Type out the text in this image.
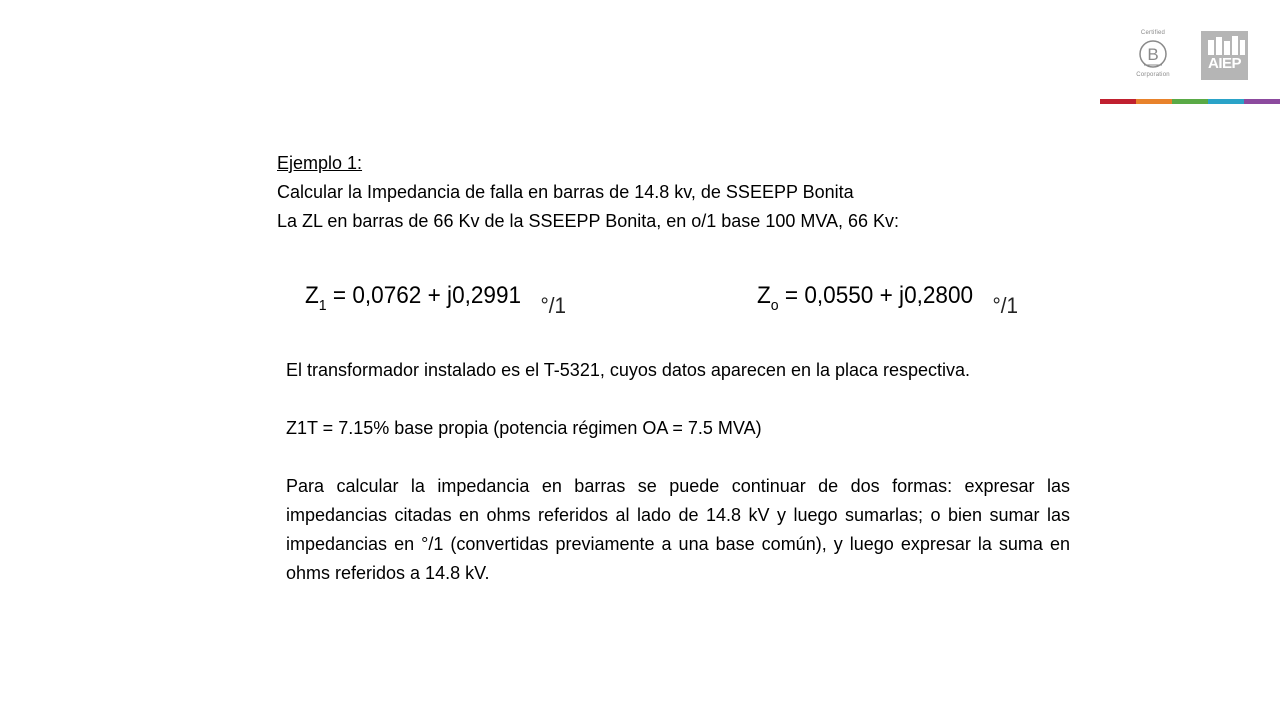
Certified
B
Corporation
AIEP

Ejemplo 1:

Calcular la Impedancia de falla en barras de 14.8 kv, de SSEEPP Bonita

La ZL en barras de 66 Kv de la SSEEPP Bonita, en o/1 base 100 MVA, 66 Kv:

$Z_1 = 0,0762 + j0,2991$ °/1	$Z_o = 0,0550 + j0,2800$ °/1

El transformador instalado es el T-5321, cuyos datos aparecen en la placa respectiva.

Z1T = 7.15% base propia (potencia régimen OA = 7.5 MVA)

Para calcular la impedancia en barras se puede continuar de dos formas: expresar las impedancias citadas en ohms referidos al lado de 14.8 kV y luego sumarlas; o bien sumar las impedancias en °/1 (convertidas previamente a una base común), y luego expresar la suma en ohms referidos a 14.8 kV.
